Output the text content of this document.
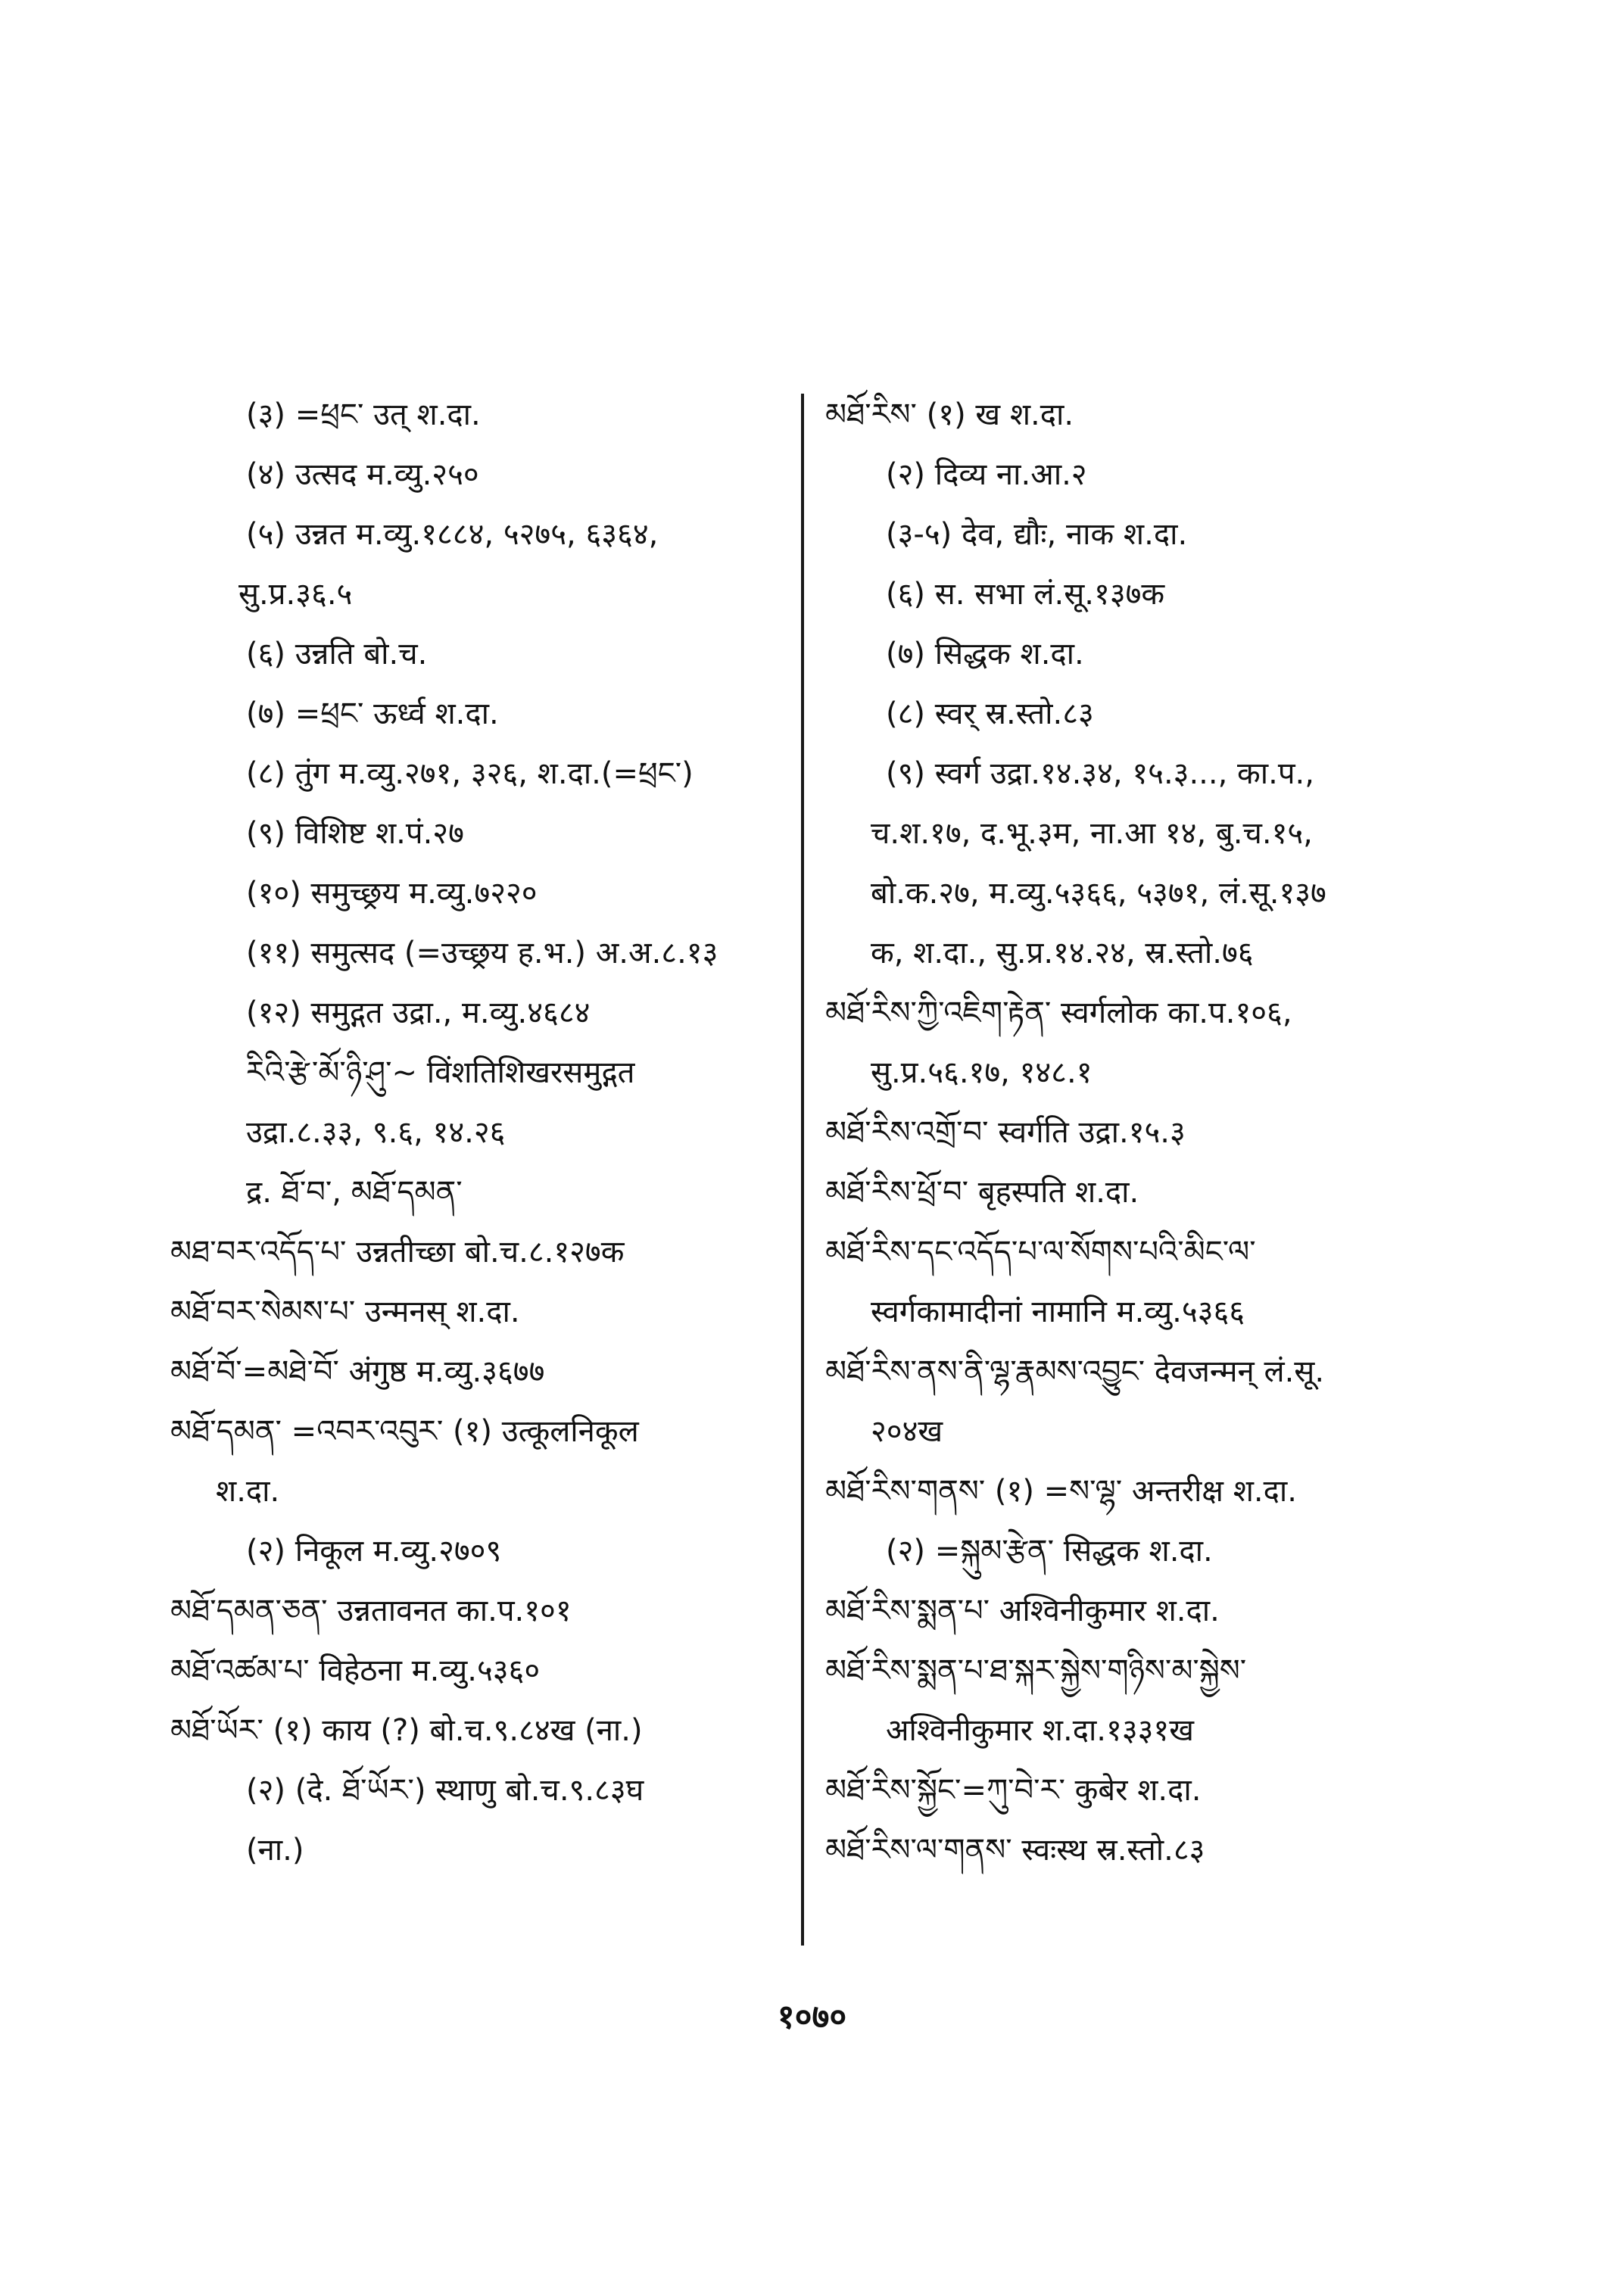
(३) =ཕྲང་ उत् श.दा.
(४) उत्सद म.व्यु.२५०
(५) उन्नत म.व्यु.१८८४, ५२७५, ६३६४,
सु.प्र.३६.५
(६) उन्नति बो.च.
(७) =ཕྲང་ ऊर्ध्व श.दा.
(८) तुंग म.व्यु.२७१, ३२६, श.दा.(=ཕྲང་)
(९) विशिष्ट श.पं.२७
(१०) समुच्छ्रय म.व्यु.७२२०
(११) समुत्सद (=उच्छ्रय ह.भ.) अ.अ.८.१३
(१२) समुद्गत उद्रा., म.व्यु.४६८४
རིའི་རྩེ་མོ་ཉི་ཤུ་~ विंशतिशिखरसमुद्गत
उद्रा.८.३३, ९.६, १४.२६
द्र. ཐོ་བ་, མཐོ་དམན་
མཐ་བར་འདོད་པ་ उन्नतीच्छा बो.च.८.१२७क
མཐོ་བར་སེམས་པ་ उन्मनस् श.दा.
མཐོ་བོ་=མཐེ་བོ་ अंगुष्ठ म.व्यु.३६७७
མཐོ་དམན་ =འབར་འབུར་ (१) उत्कूलनिकूल
श.दा.
(२) निकूल म.व्यु.२७०९
མཐོ་དམན་ཅན་ उन्नतावनत का.प.१०१
མཐོ་འཚམ་པ་ विहेठना म.व्यु.५३६०
མཐོ་ཡོར་ (१) काय (?) बो.च.९.८४ख (ना.)
(२) (दे. ཐོ་ཡོར་) स्थाणु बो.च.९.८३घ
(ना.)
མཐོ་རིས་ (१) ख श.दा.
(२) दिव्य ना.आ.२
(३-५) देव, द्यौः, नाक श.दा.
(६) स. सभा लं.सू.१३७क
(७) सिद्धक श.दा.
(८) स्वर् स्र.स्तो.८३
(९) स्वर्ग उद्रा.१४.३४, १५.३..., का.प.,
च.श.१७, द.भू.३म, ना.आ १४, बु.च.१५,
बो.क.२७, म.व्यु.५३६६, ५३७१, लं.सू.१३७
क, श.दा., सु.प्र.१४.२४, स्र.स्तो.७६
མཐོ་རིས་ཀྱི་འཇིག་རྟེན་ स्वर्गलोक का.प.१०६,
सु.प्र.५६.१७, १४८.१
མཐོ་རིས་འགྲོ་བ་ स्वर्गति उद्रा.१५.३
མཐོ་རིས་ཕྲོ་བ་ बृहस्पति श.दा.
མཐོ་རིས་དང་འདོད་པ་ལ་སོགས་པའི་མིང་ལ་
स्वर्गकामादीनां नामानि म.व्यु.५३६६
མཐོ་རིས་ནས་ནི་ལྷ་རྣམས་འབྱུང་ देवजन्मन् लं.सू.
२०४ख
མཐོ་རིས་གནས་ (१) =ས་ལྷ་ अन्तरीक्ष श.दा.
(२) =སྐུམ་རྩེན་ सिद्धक श.दा.
མཐོ་རིས་སྨན་པ་ अश्विनीकुमार श.दा.
མཐོ་རིས་སྨན་པ་ཐ་སྐར་སྐྱེས་གཉིས་མ་སྐྱེས་
अश्विनीकुमार श.दा.१३३१ख
མཐོ་རིས་སྐྱོང་=ཀུ་བེ་ར་ कुबेर श.दा.
མཐོ་རིས་ལ་གནས་ स्वःस्थ स्र.स्तो.८३
१०७०
